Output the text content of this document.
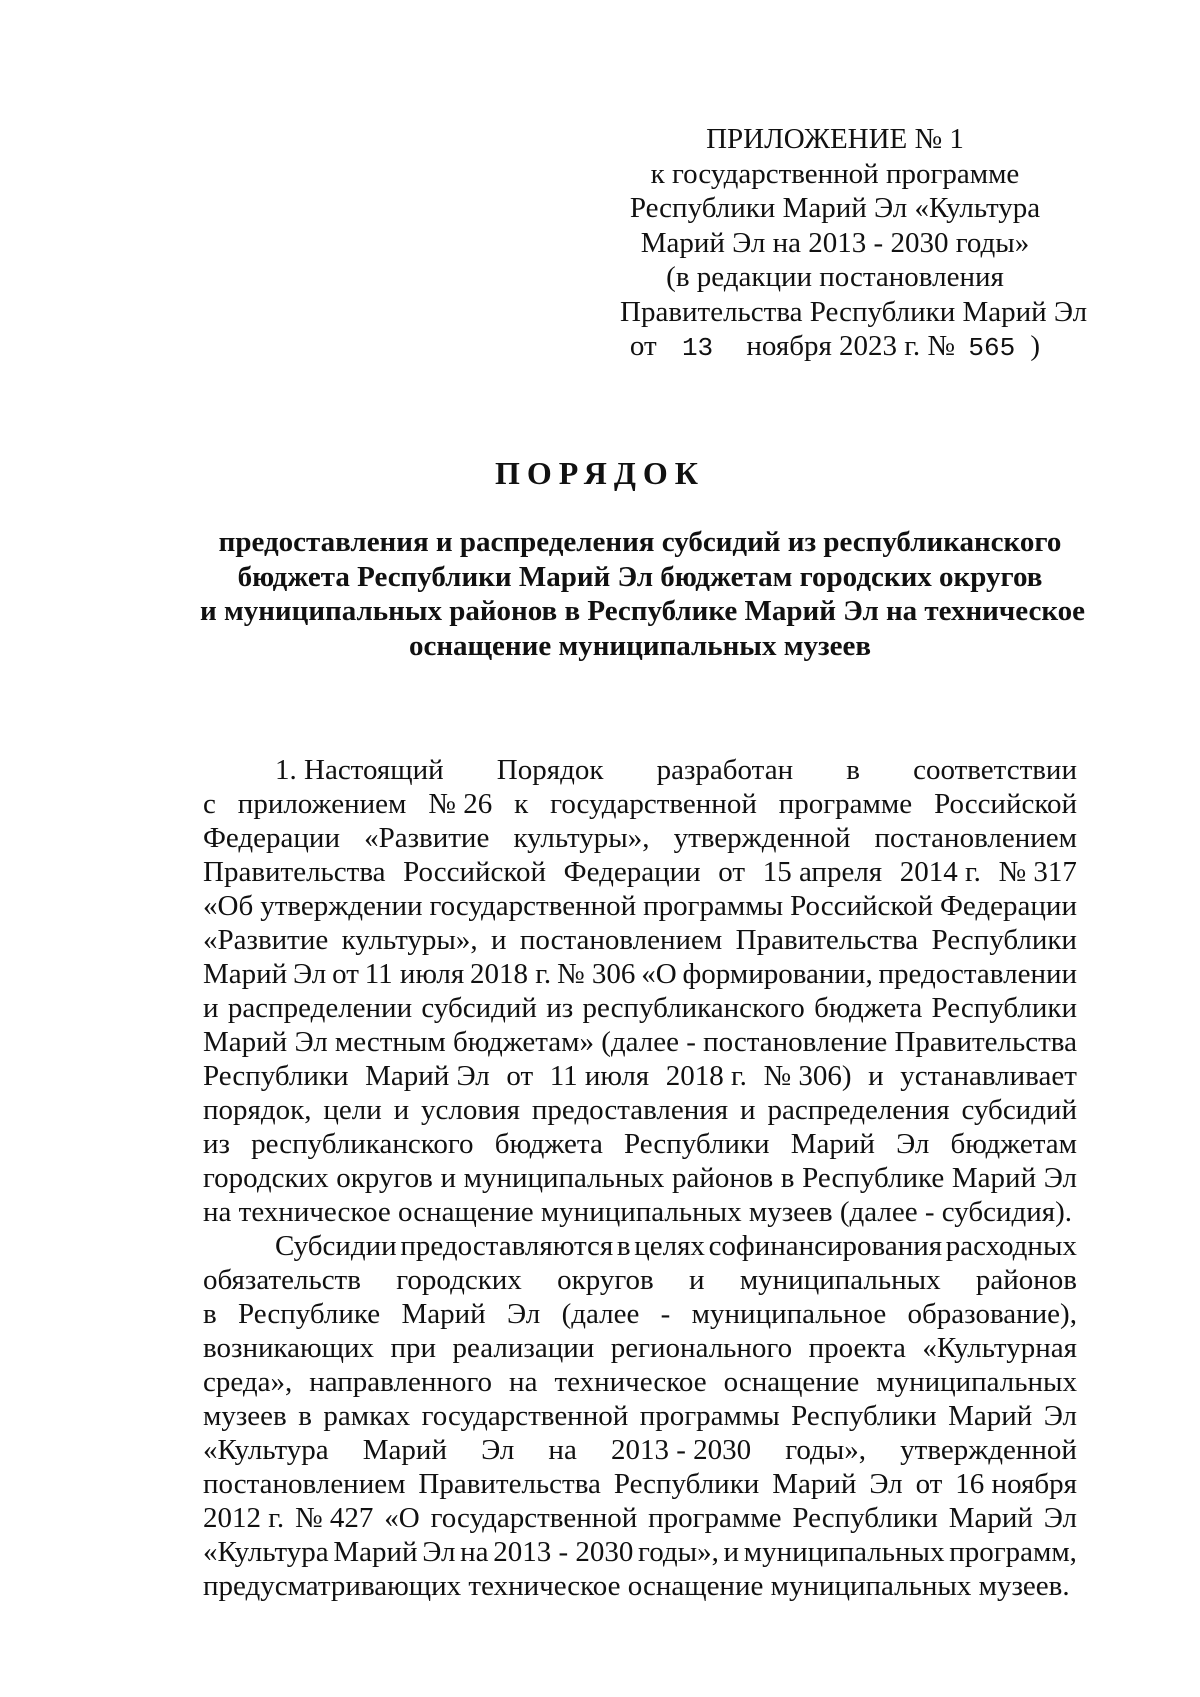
ПРИЛОЖЕНИЕ № 1
к государственной программе
Республики Марий Эл «Культура
Марий Эл на 2013 - 2030 годы»
(в редакции постановления
Правительства Республики Марий Эл
от 13 ноября 2023 г. № 565 )
ПОРЯДОК
предоставления и распределения субсидий из республиканского
бюджета Республики Марий Эл бюджетам городских округов
и муниципальных районов в Республике Марий Эл на техническое
оснащение муниципальных музеев
1. Настоящий Порядок разработан в соответствии
с приложением № 26 к государственной программе Российской
Федерации «Развитие культуры», утвержденной постановлением
Правительства Российской Федерации от 15 апреля 2014 г. № 317
«Об утверждении государственной программы Российской Федерации
«Развитие культуры», и постановлением Правительства Республики
Марий Эл от 11 июля 2018 г. № 306 «О формировании, предоставлении
и распределении субсидий из республиканского бюджета Республики
Марий Эл местным бюджетам» (далее - постановление Правительства
Республики Марий Эл от 11 июля 2018 г. № 306) и устанавливает
порядок, цели и условия предоставления и распределения субсидий
из республиканского бюджета Республики Марий Эл бюджетам
городских округов и муниципальных районов в Республике Марий Эл
на техническое оснащение муниципальных музеев (далее - субсидия).
Субсидии предоставляются в целях софинансирования расходных
обязательств городских округов и муниципальных районов
в Республике Марий Эл (далее - муниципальное образование),
возникающих при реализации регионального проекта «Культурная
среда», направленного на техническое оснащение муниципальных
музеев в рамках государственной программы Республики Марий Эл
«Культура Марий Эл на 2013 - 2030 годы», утвержденной
постановлением Правительства Республики Марий Эл от 16 ноября
2012 г. № 427 «О государственной программе Республики Марий Эл
«Культура Марий Эл на 2013 - 2030 годы», и муниципальных программ,
предусматривающих техническое оснащение муниципальных музеев.
